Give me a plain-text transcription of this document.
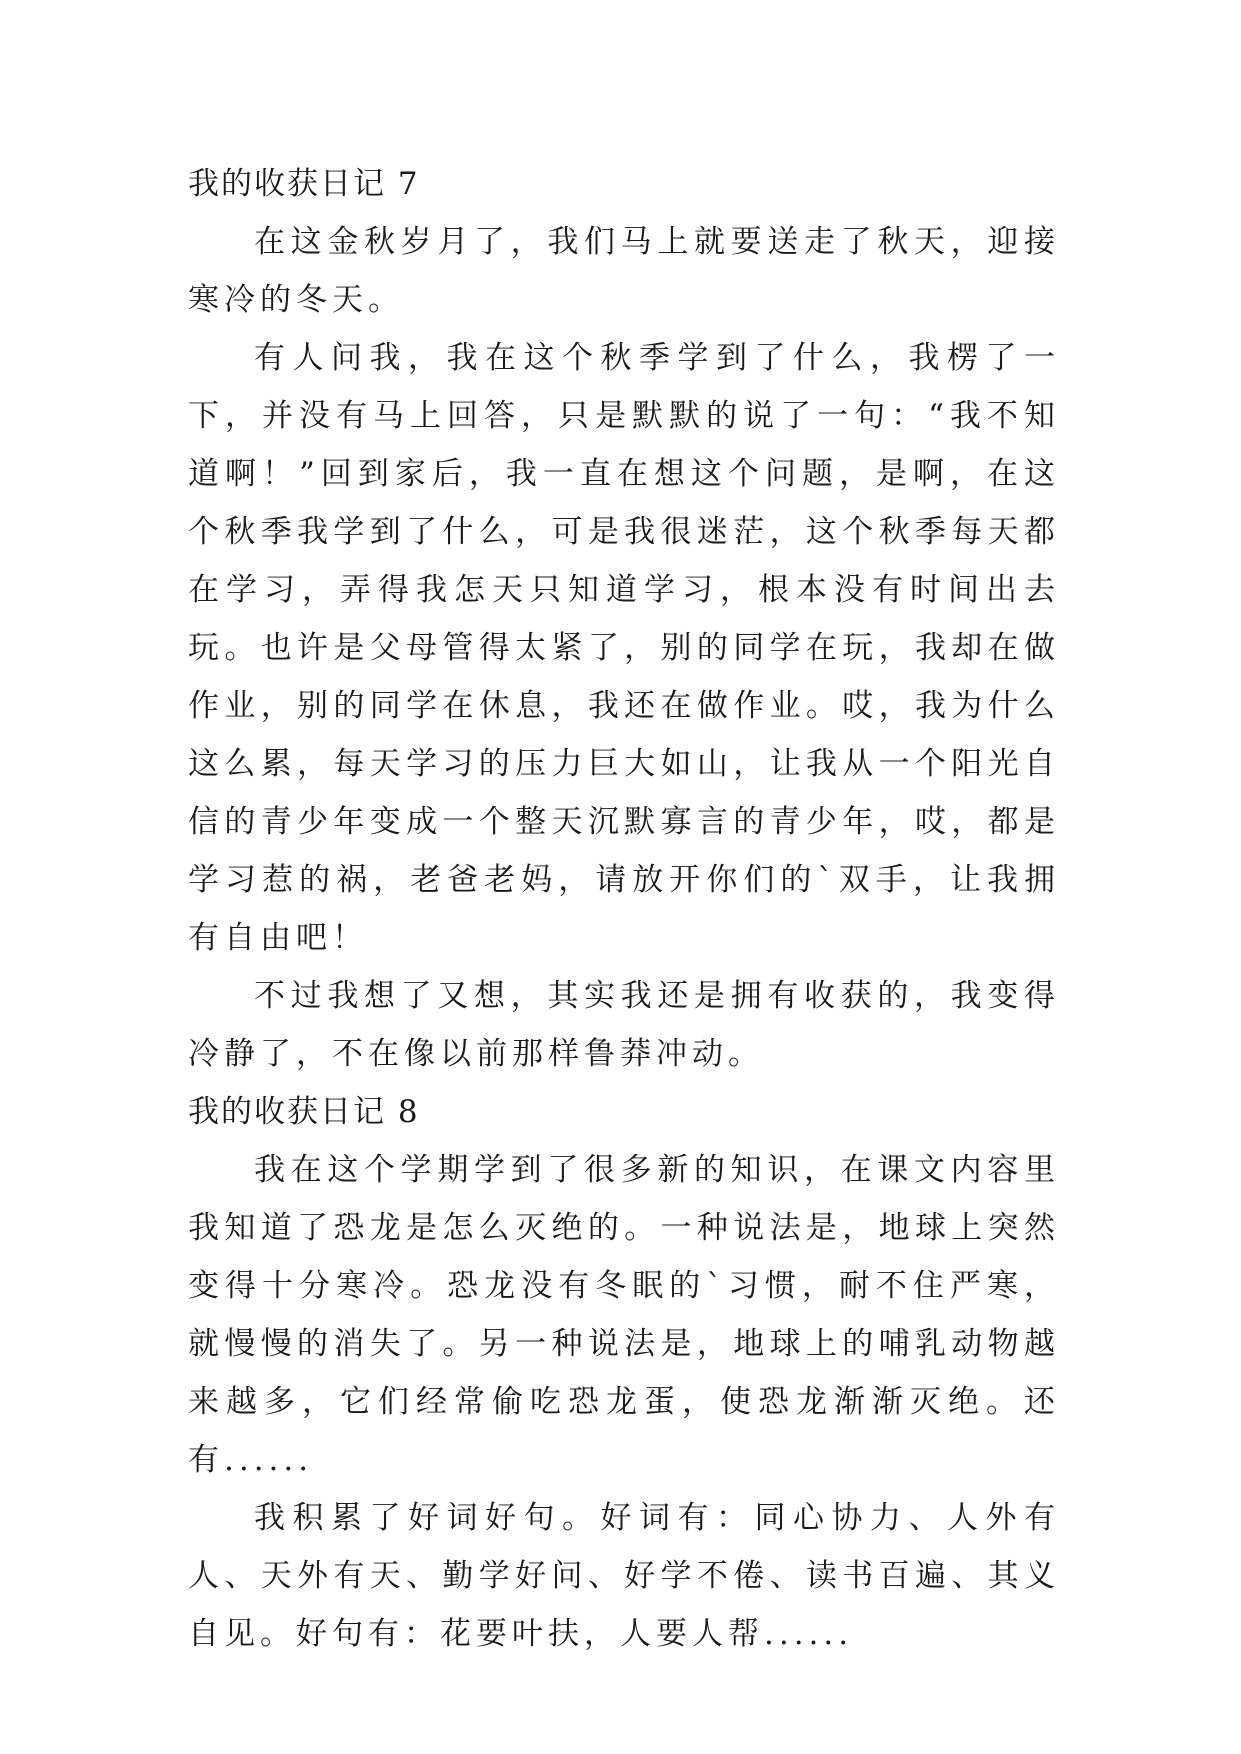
我的收获日记 7

在这金秋岁月了，我们马上就要送走了秋天，迎接寒冷的冬天。

有人问我，我在这个秋季学到了什么，我楞了一下，并没有马上回答，只是默默的说了一句：“我不知道啊！”回到家后，我一直在想这个问题，是啊，在这个秋季我学到了什么，可是我很迷茫，这个秋季每天都在学习，弄得我怎天只知道学习，根本没有时间出去玩。也许是父母管得太紧了，别的同学在玩，我却在做作业，别的同学在休息，我还在做作业。哎，我为什么这么累，每天学习的压力巨大如山，让我从一个阳光自信的青少年变成一个整天沉默寡言的青少年，哎，都是学习惹的祸，老爸老妈，请放开你们的`双手，让我拥有自由吧！

不过我想了又想，其实我还是拥有收获的，我变得冷静了，不在像以前那样鲁莽冲动。

我的收获日记 8

我在这个学期学到了很多新的知识，在课文内容里我知道了恐龙是怎么灭绝的。一种说法是，地球上突然变得十分寒冷。恐龙没有冬眠的`习惯，耐不住严寒，就慢慢的消失了。另一种说法是，地球上的哺乳动物越来越多，它们经常偷吃恐龙蛋，使恐龙渐渐灭绝。还有......

我积累了好词好句。好词有：同心协力、人外有人、天外有天、勤学好问、好学不倦、读书百遍、其义自见。好句有：花要叶扶，人要人帮......
